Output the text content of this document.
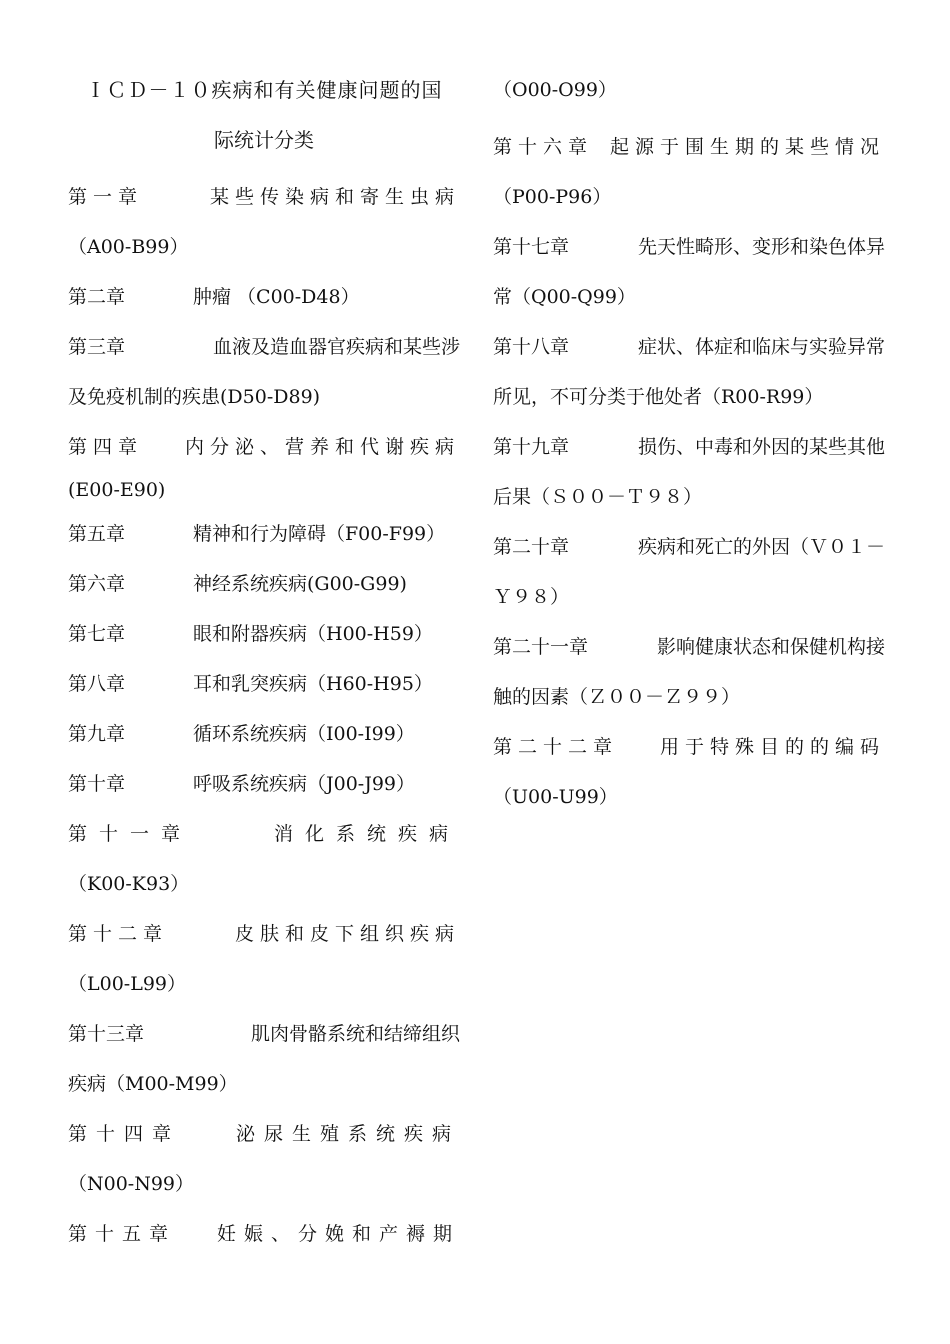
ＩＣＤ－１０疾病和有关健康问题的国
际统计分类
第一章	某些传染病和寄生虫病
（A00-B99）
第二章	肿瘤 （C00-D48）
第三章	血液及造血器官疾病和某些涉
及免疫机制的疾患(D50-D89)
第四章 内分泌、营养和代谢疾病
(E00-E90)
第五章	精神和行为障碍（F00-F99）
第六章	神经系统疾病(G00-G99)
第七章	眼和附器疾病（H00-H59）
第八章	耳和乳突疾病（H60-H95）
第九章	循环系统疾病（I00-I99）
第十章	呼吸系统疾病（J00-J99）
第十一章	消化系统疾病
（K00-K93）
第十二章	皮肤和皮下组织疾病
（L00-L99）
第十三章	肌肉骨骼系统和结缔组织
疾病（M00-M99）
第十四章	泌尿生殖系统疾病
（N00-N99）
第十五章 妊娠、分娩和产褥期
（O00-O99）
第十六章 起源于围生期的某些情况
（P00-P96）
第十七章	先天性畸形、变形和染色体异
常（Q00-Q99）
第十八章	症状、体症和临床与实验异常
所见，不可分类于他处者（R00-R99）
第十九章	损伤、中毒和外因的某些其他
后果（Ｓ００－Ｔ９８）
第二十章	疾病和死亡的外因（Ｖ０１－
Ｙ９８）
第二十一章	影响健康状态和保健机构接
触的因素（Ｚ００－Ｚ９９）
第二十二章 用于特殊目的的编码
（U00-U99）
